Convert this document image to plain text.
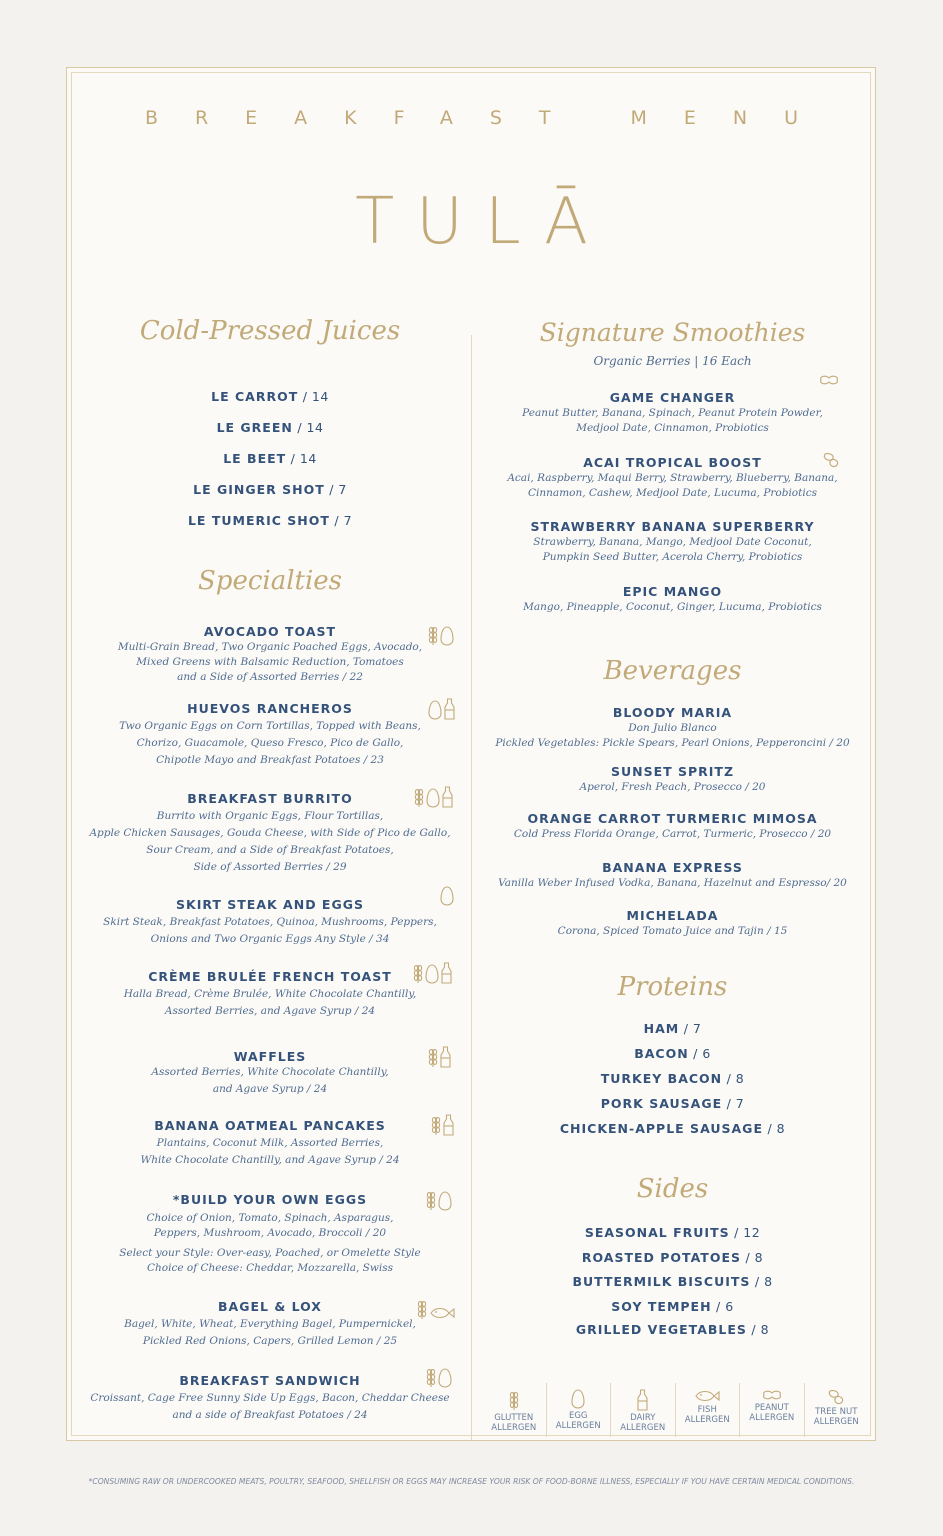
BREAKFAST MENU
TULĀ
Cold-Pressed Juices
LE CARROT / 14
LE GREEN / 14
LE BEET / 14
LE GINGER SHOT / 7
LE TUMERIC SHOT / 7
Specialties
AVOCADO TOAST
Multi-Grain Bread, Two Organic Poached Eggs, Avocado,
Mixed Greens with Balsamic Reduction, Tomatoes
and a Side of Assorted Berries / 22
HUEVOS RANCHEROS
Two Organic Eggs on Corn Tortillas, Topped with Beans,
Chorizo, Guacamole, Queso Fresco, Pico de Gallo,
Chipotle Mayo and Breakfast Potatoes / 23
BREAKFAST BURRITO
Burrito with Organic Eggs, Flour Tortillas,
Apple Chicken Sausages, Gouda Cheese, with Side of Pico de Gallo,
Sour Cream, and a Side of Breakfast Potatoes,
Side of Assorted Berries / 29
SKIRT STEAK AND EGGS
Skirt Steak, Breakfast Potatoes, Quinoa, Mushrooms, Peppers,
Onions and Two Organic Eggs Any Style / 34
CRÈME BRULÉE FRENCH TOAST
Halla Bread, Crème Brulée, White Chocolate Chantilly,
Assorted Berries, and Agave Syrup / 24
WAFFLES
Assorted Berries, White Chocolate Chantilly,
and Agave Syrup / 24
BANANA OATMEAL PANCAKES
Plantains, Coconut Milk, Assorted Berries,
White Chocolate Chantilly, and Agave Syrup / 24
*BUILD YOUR OWN EGGS
Choice of Onion, Tomato, Spinach, Asparagus,
Peppers, Mushroom, Avocado, Broccoli / 20
Select your Style: Over-easy, Poached, or Omelette Style
Choice of Cheese: Cheddar, Mozzarella, Swiss
BAGEL & LOX
Bagel, White, Wheat, Everything Bagel, Pumpernickel,
Pickled Red Onions, Capers, Grilled Lemon / 25
BREAKFAST SANDWICH
Croissant, Cage Free Sunny Side Up Eggs, Bacon, Cheddar Cheese
and a side of Breakfast Potatoes / 24
Signature Smoothies
Organic Berries | 16 Each
GAME CHANGER
Peanut Butter, Banana, Spinach, Peanut Protein Powder,
Medjool Date, Cinnamon, Probiotics
ACAI TROPICAL BOOST
Acai, Raspberry, Maqui Berry, Strawberry, Blueberry, Banana,
Cinnamon, Cashew, Medjool Date, Lucuma, Probiotics
STRAWBERRY BANANA SUPERBERRY
Strawberry, Banana, Mango, Medjool Date Coconut,
Pumpkin Seed Butter, Acerola Cherry, Probiotics
EPIC MANGO
Mango, Pineapple, Coconut, Ginger, Lucuma, Probiotics
Beverages
BLOODY MARIA
Don Julio Blanco
Pickled Vegetables: Pickle Spears, Pearl Onions, Pepperoncini / 20
SUNSET SPRITZ
Aperol, Fresh Peach, Prosecco / 20
ORANGE CARROT TURMERIC MIMOSA
Cold Press Florida Orange, Carrot, Turmeric, Prosecco / 20
BANANA EXPRESS
Vanilla Weber Infused Vodka, Banana, Hazelnut and Espresso/ 20
MICHELADA
Corona, Spiced Tomato Juice and Tajin / 15
Proteins
HAM / 7
BACON / 6
TURKEY BACON / 8
PORK SAUSAGE / 7
CHICKEN-APPLE SAUSAGE / 8
Sides
SEASONAL FRUITS / 12
ROASTED POTATOES / 8
BUTTERMILK BISCUITS / 8
SOY TEMPEH / 6
GRILLED VEGETABLES / 8
GLUTTEN
ALLERGEN
EGG
ALLERGEN
DAIRY
ALLERGEN
FISH
ALLERGEN
PEANUT
ALLERGEN
TREE NUT
ALLERGEN
*CONSUMING RAW OR UNDERCOOKED MEATS, POULTRY, SEAFOOD, SHELLFISH OR EGGS MAY INCREASE YOUR RISK OF FOOD-BORNE ILLNESS, ESPECIALLY IF YOU HAVE CERTAIN MEDICAL CONDITIONS.
